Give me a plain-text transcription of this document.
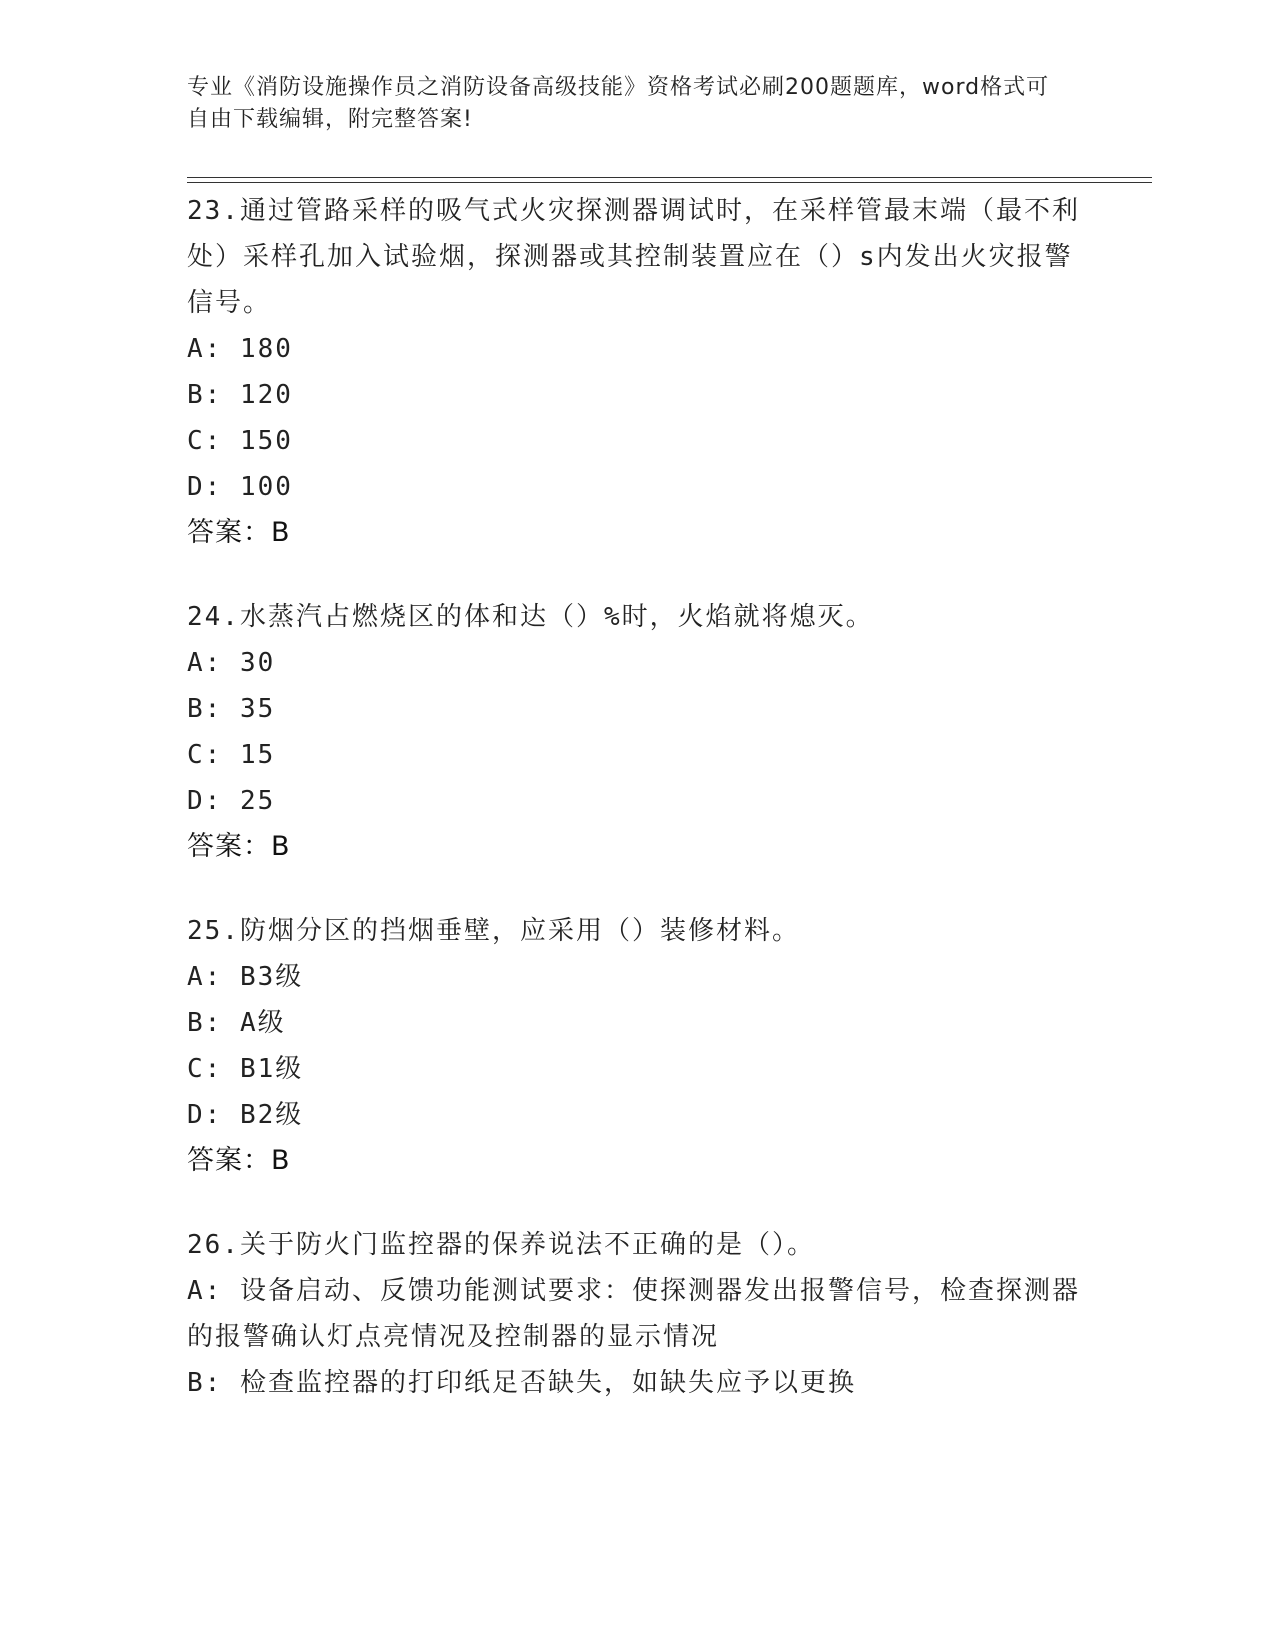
专业《消防设施操作员之消防设备高级技能》资格考试必刷200题题库，word格式可自由下载编辑，附完整答案!
23.通过管路采样的吸气式火灾探测器调试时，在采样管最末端（最不利处）采样孔加入试验烟，探测器或其控制装置应在（）s内发出火灾报警信号。
A: 180
B: 120
C: 150
D: 100
答案：B
24.水蒸汽占燃烧区的体和达（）%时，火焰就将熄灭。
A: 30
B: 35
C: 15
D: 25
答案：B
25.防烟分区的挡烟垂壁，应采用（）装修材料。
A: B3级
B: A级
C: B1级
D: B2级
答案：B
26.关于防火门监控器的保养说法不正确的是（）。
A: 设备启动、反馈功能测试要求：使探测器发出报警信号，检查探测器的报警确认灯点亮情况及控制器的显示情况
B: 检查监控器的打印纸足否缺失，如缺失应予以更换
